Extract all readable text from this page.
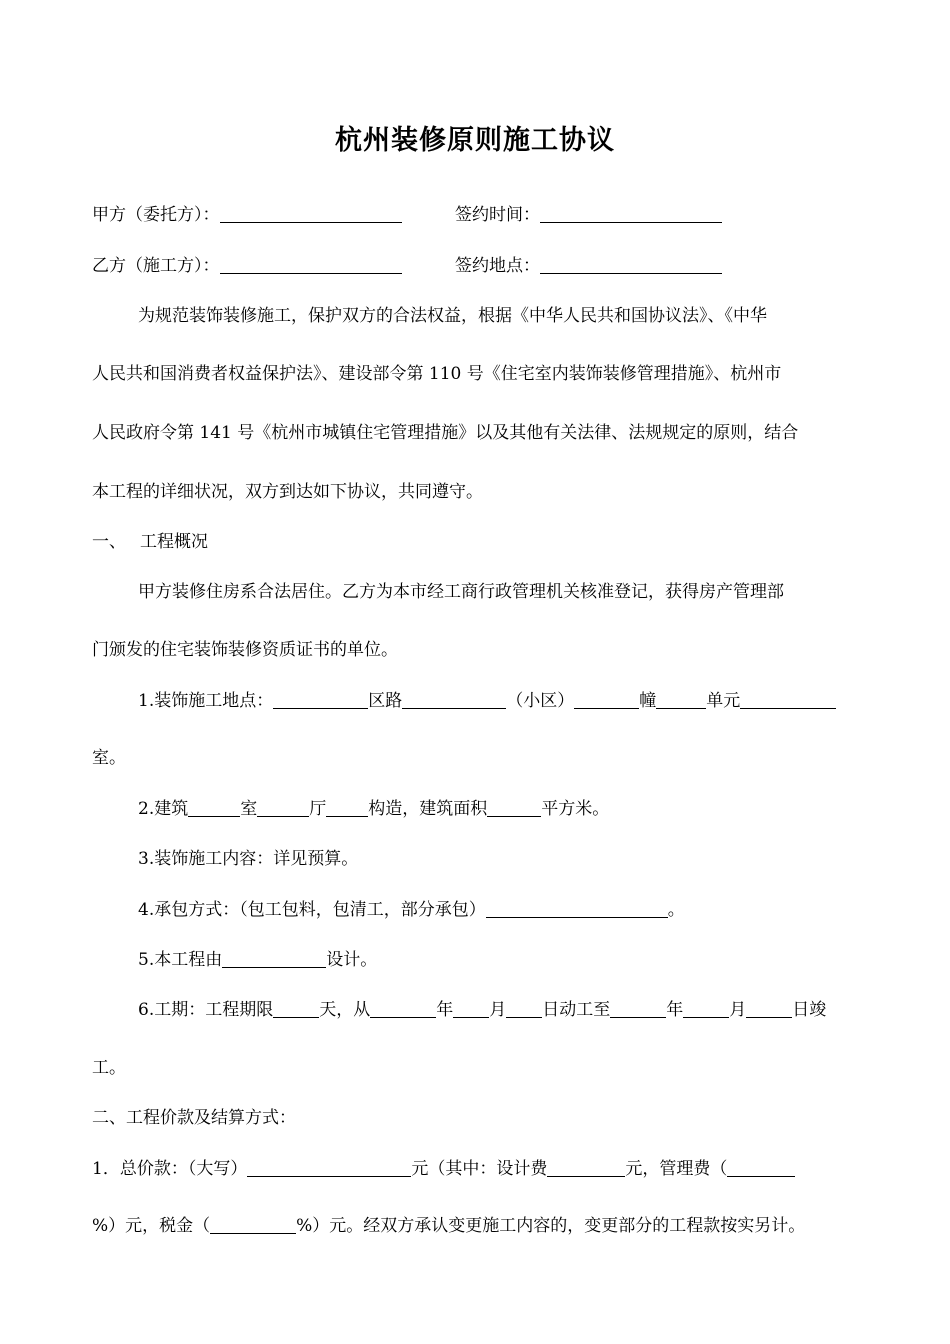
杭州装修原则施工协议
甲方（委托方）：	签约时间：
乙方（施工方）：	签约地点：
为规范装饰装修施工，保护双方的合法权益，根据《中华人民共和国协议法》、《中华
人民共和国消费者权益保护法》、建设部令第 110 号《住宅室内装饰装修管理措施》、杭州市
人民政府令第 141 号《杭州市城镇住宅管理措施》以及其他有关法律、法规规定的原则，结合
本工程的详细状况，双方到达如下协议，共同遵守。
一、 工程概况
甲方装修住房系合法居住。乙方为本市经工商行政管理机关核准登记，获得房产管理部
门颁发的住宅装饰装修资质证书的单位。
1.装饰施工地点：	区路	（小区）	幢	单元
室。
2.建筑	室	厅 构造，建筑面积	平方米。
3.装饰施工内容：详见预算。
4.承包方式：（包工包料，包清工，部分承包）	。
5.本工程由	设计。
6.工期：工程期限	天，从	年 月 日动工至	年	月	日竣
工。
二、工程价款及结算方式：
1．总价款：（大写）	元（其中：设计费	元，管理费（
%）元，税金（	%）元。经双方承认变更施工内容的，变更部分的工程款按实另计。
